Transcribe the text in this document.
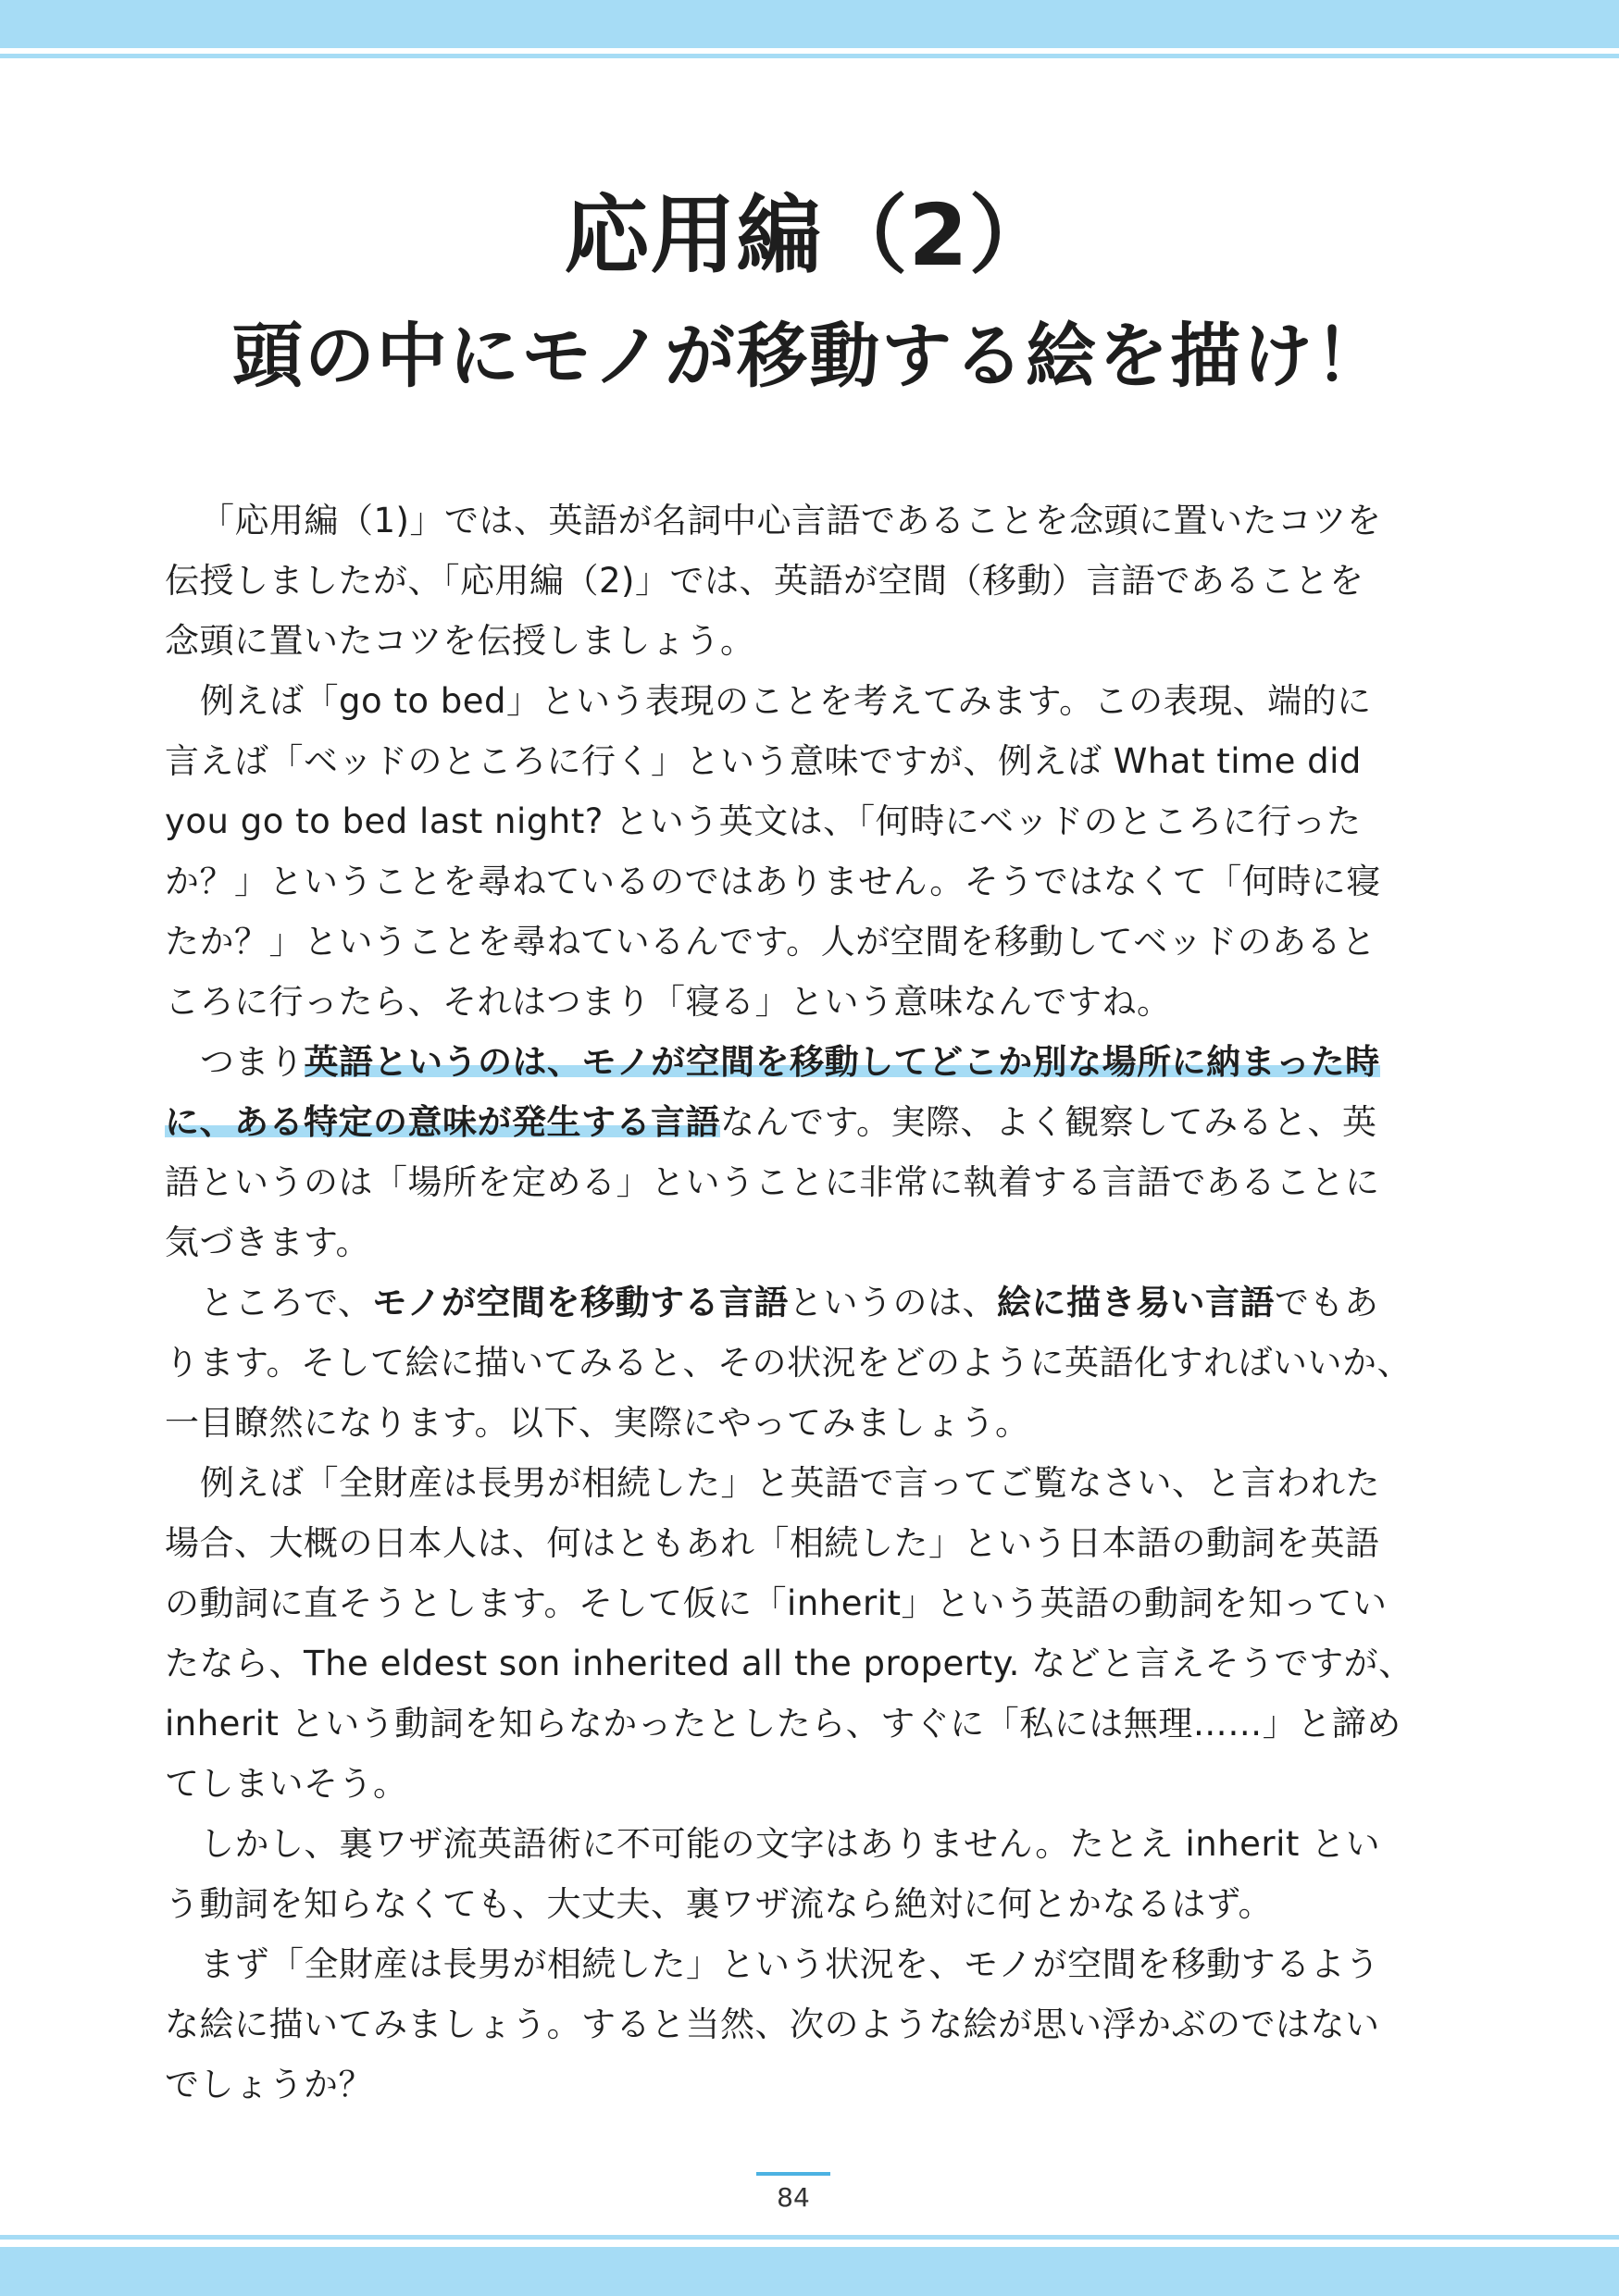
応用編（2）
頭の中にモノが移動する絵を描け！
「応用編（1)」では、英語が名詞中心言語であることを念頭に置いたコツを
伝授しましたが、「応用編（2)」では、英語が空間（移動）言語であることを
念頭に置いたコツを伝授しましょう。
例えば「go to bed」という表現のことを考えてみます。この表現、端的に
言えば「ベッドのところに行く」という意味ですが、例えば What time did
you go to bed last night? という英文は、「何時にベッドのところに行った
か？」ということを尋ねているのではありません。そうではなくて「何時に寝
たか？」ということを尋ねているんです。人が空間を移動してベッドのあると
ころに行ったら、それはつまり「寝る」という意味なんですね。
つまり英語というのは、モノが空間を移動してどこか別な場所に納まった時
に、ある特定の意味が発生する言語なんです。実際、よく観察してみると、英
語というのは「場所を定める」ということに非常に執着する言語であることに
気づきます。
ところで、モノが空間を移動する言語というのは、絵に描き易い言語でもあ
ります。そして絵に描いてみると、その状況をどのように英語化すればいいか、
一目瞭然になります。以下、実際にやってみましょう。
例えば「全財産は長男が相続した」と英語で言ってご覧なさい、と言われた
場合、大概の日本人は、何はともあれ「相続した」という日本語の動詞を英語
の動詞に直そうとします。そして仮に「inherit」という英語の動詞を知ってい
たなら、The eldest son inherited all the property. などと言えそうですが、
inherit という動詞を知らなかったとしたら、すぐに「私には無理……」と諦め
てしまいそう。
しかし、裏ワザ流英語術に不可能の文字はありません。たとえ inherit とい
う動詞を知らなくても、大丈夫、裏ワザ流なら絶対に何とかなるはず。
まず「全財産は長男が相続した」という状況を、モノが空間を移動するよう
な絵に描いてみましょう。すると当然、次のような絵が思い浮かぶのではない
でしょうか？
84
